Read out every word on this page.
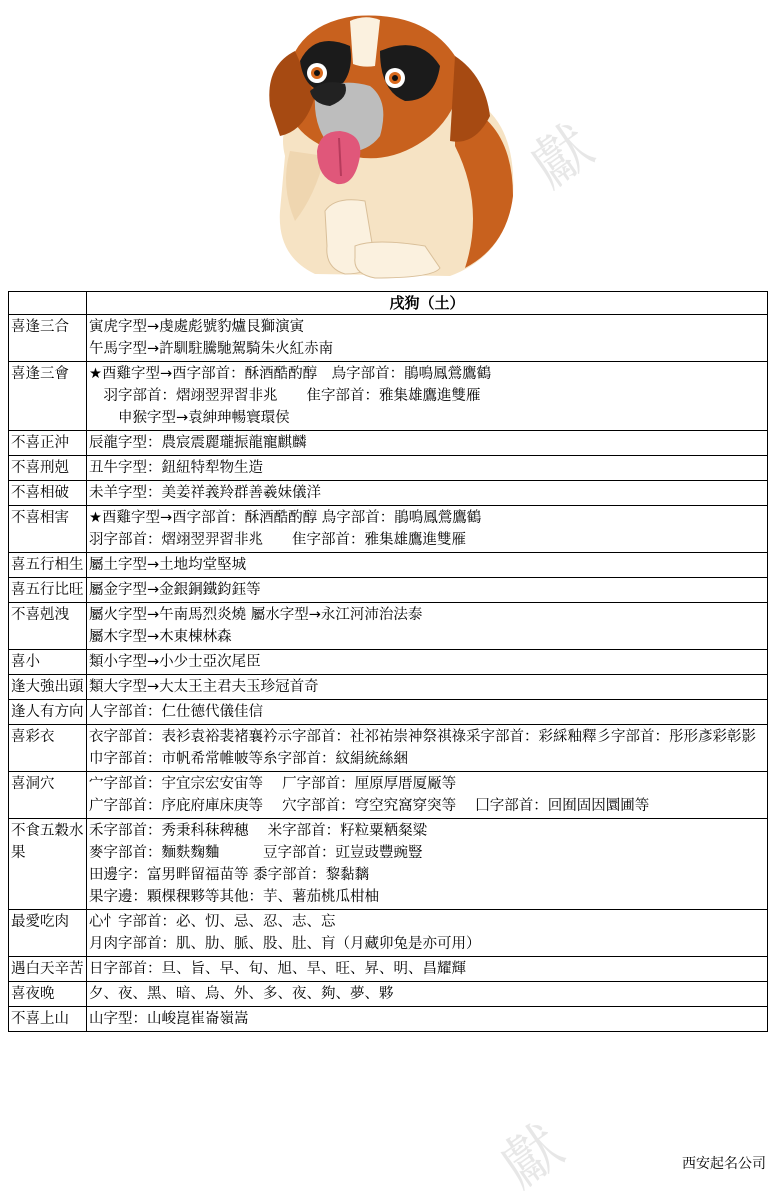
獻
獻
	戌狗（土）
喜逢三合	寅虎字型→虔處彪號豹爐艮獅演寅
午馬字型→許馴駐騰馳駕騎朱火紅赤南

喜逢三會	★酉雞字型→酉字部首：酥酒酷酌醇　鳥字部首：鵑鳴鳳鶯鷹鶴
　羽字部首：熠翊翌羿習非兆　　隹字部首：雅集雄鷹進雙雁
　　申猴字型→袁紳珅暢寰環侯

不喜正沖	辰龍字型：農宸震麗瓏振龍寵麒麟

不喜刑剋	丑牛字型：鈕紐特犁物生造

不喜相破	未羊字型：美姜祥義羚群善羲妹儀洋

不喜相害	★酉雞字型→酉字部首：酥酒酷酌醇 鳥字部首：鵑鳴鳳鶯鷹鶴
羽字部首：熠翊翌羿習非兆　　隹字部首：雅集雄鷹進雙雁

喜五行相生	屬土字型→土地均堂堅城

喜五行比旺	屬金字型→金銀銅鐵鈞鈺等

不喜剋洩	屬火字型→午南馬烈炎燒 屬水字型→永江河沛治法泰
屬木字型→木東棟林森

喜小	類小字型→小少士亞次尾臣

逢大強出頭	類大字型→大太王主君夫玉珍冠首奇

逢人有方向	人字部首：仁仕德代儀佳信

喜彩衣	衣字部首：表衫袁裕裴褚襄衿示字部首：社祁祐崇神祭祺祿采字部首：彩綵釉釋彡字部首：彤形彥彩彰影
巾字部首：市帆希常帷帔等糸字部首：紋絹統絲綑

喜洞穴	宀字部首：宇宜宗宏安宙等　 厂字部首：厘原厚厝厦厰等
广字部首：序庇府庫床庚等　 穴字部首：穹空究窩穿突等　 囗字部首：回囿固因圜圃等

不食五穀水果	禾字部首：秀秉科秣稗穗　 米字部首：籽粒粟粞粲粱
麥字部首：麵麩麴麯　　　豆字部首：豇豈豉豐豌豎
田邊字：富男畔留福苗等 黍字部首：黎黏黐
果字邊：顆棵稞夥等其他：芋、薯茄桃瓜柑柚

最愛吃肉	心忄字部首：必、忉、忌、忍、志、忘
月肉字部首：肌、肋、脈、股、肚、肓（月藏卯兔是亦可用）

遇白天辛苦	日字部首：旦、旨、早、旬、旭、旱、旺、昇、明、昌耀輝

喜夜晚	夕、夜、黑、暗、烏、外、多、夜、夠、夢、夥

不喜上山	山字型：山峻崑崔崙嶺嵩
西安起名公司
